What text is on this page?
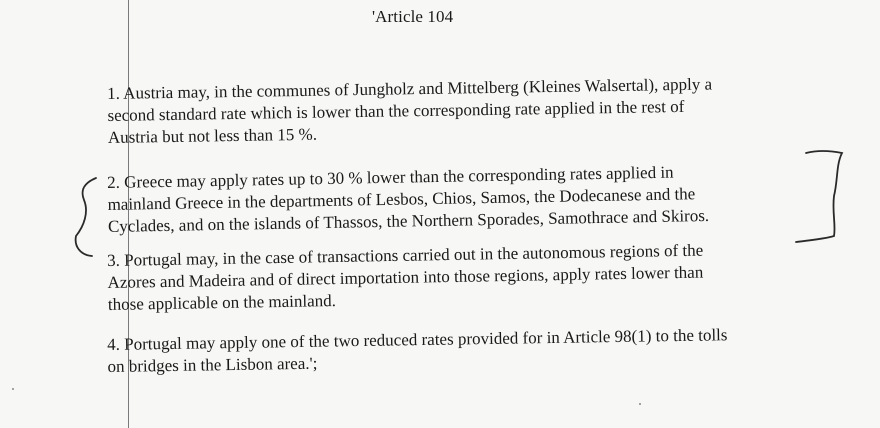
'Article 104
1. Austria may, in the communes of Jungholz and Mittelberg (Kleines Walsertal), apply a
second standard rate which is lower than the corresponding rate applied in the rest of
Austria but not less than 15 %.
2. Greece may apply rates up to 30 % lower than the corresponding rates applied in
mainland Greece in the departments of Lesbos, Chios, Samos, the Dodecanese and the
Cyclades, and on the islands of Thassos, the Northern Sporades, Samothrace and Skiros.
3. Portugal may, in the case of transactions carried out in the autonomous regions of the
Azores and Madeira and of direct importation into those regions, apply rates lower than
those applicable on the mainland.
4. Portugal may apply one of the two reduced rates provided for in Article 98(1) to the tolls
on bridges in the Lisbon area.';
